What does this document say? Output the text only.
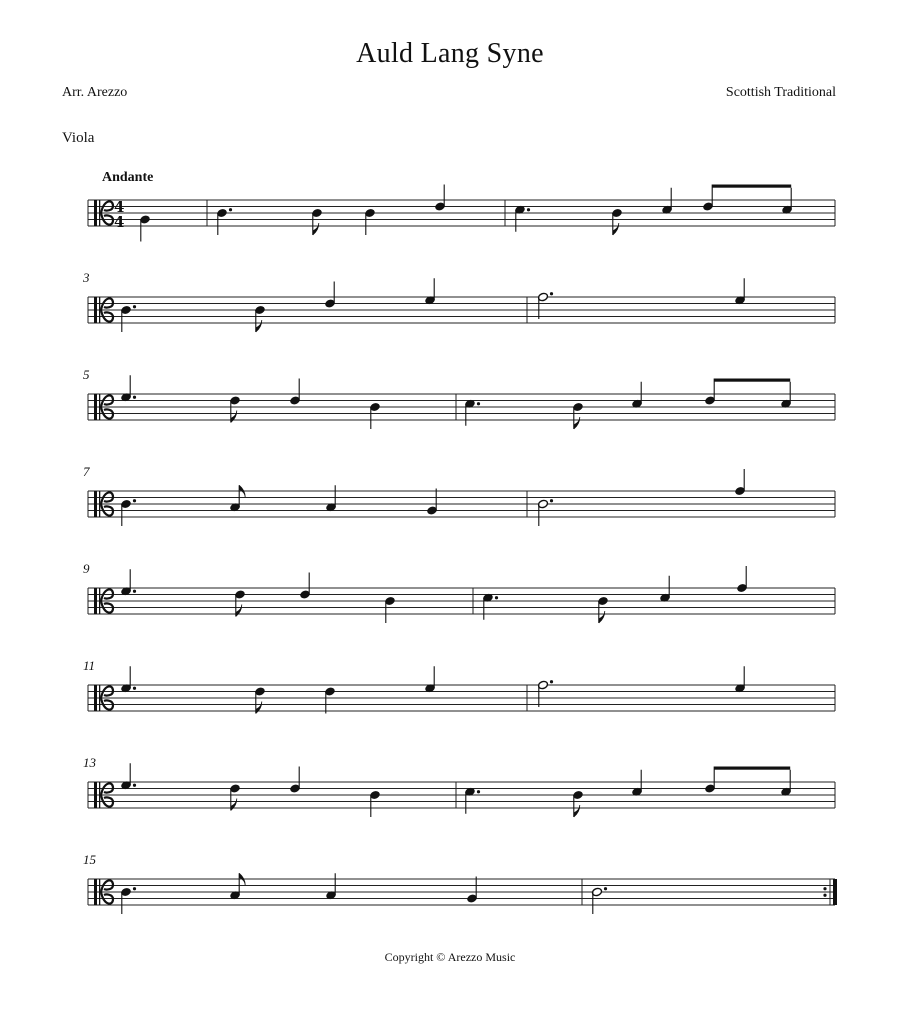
Auld Lang Syne
Arr. Arezzo	Scottish Traditional
Viola
Andante
4
4
3
5
7
9
11
13
15
Copyright © Arezzo Music
